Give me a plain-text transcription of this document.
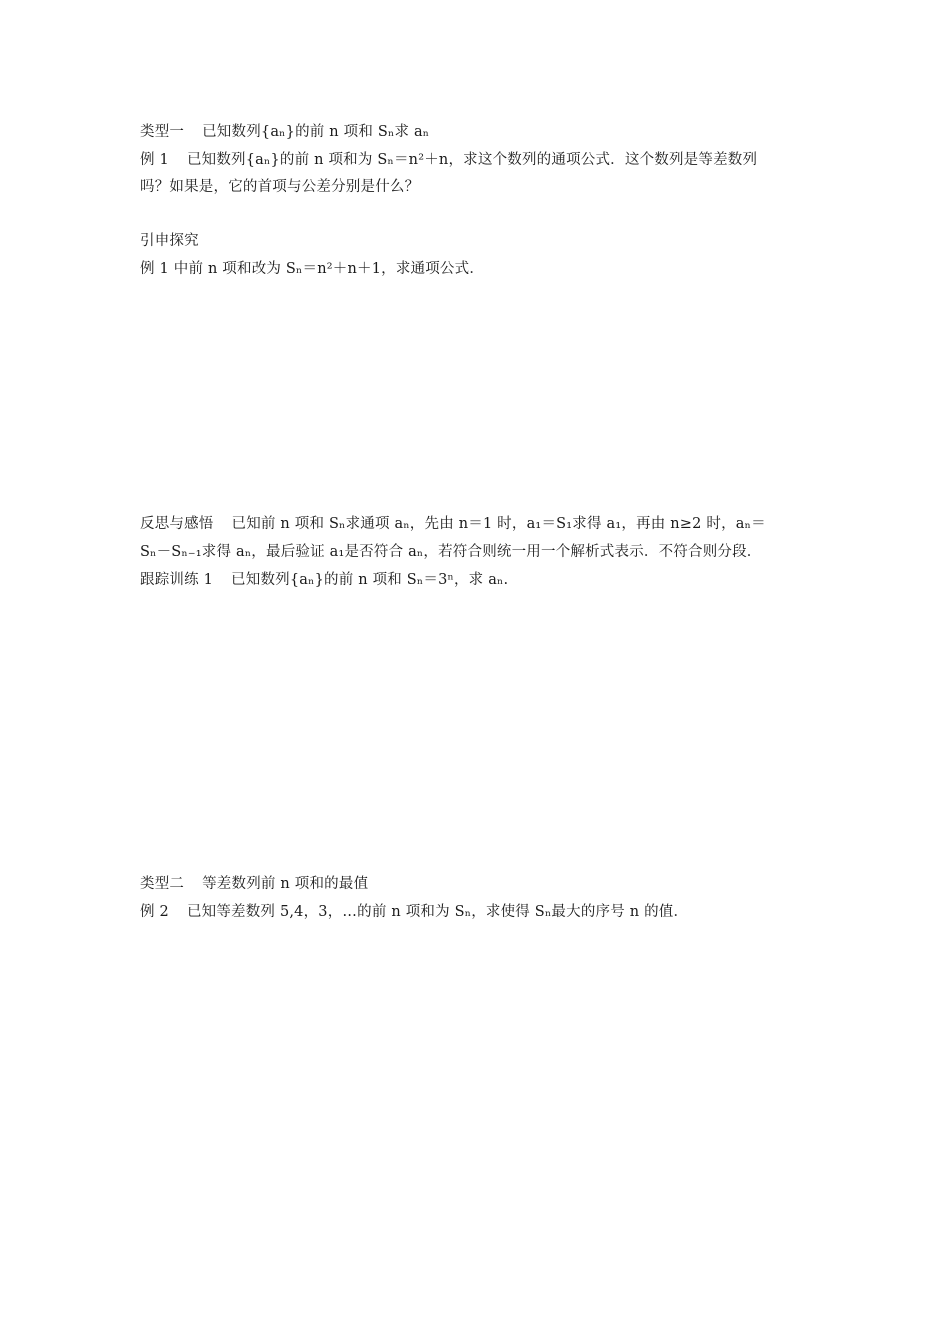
类型一 已知数列{aₙ}的前 n 项和 Sₙ求 aₙ
例 1 已知数列{aₙ}的前 n 项和为 Sₙ＝n²＋n，求这个数列的通项公式．这个数列是等差数列
吗？如果是，它的首项与公差分别是什么？
引申探究
例 1 中前 n 项和改为 Sₙ＝n²＋n＋1，求通项公式．
反思与感悟 已知前 n 项和 Sₙ求通项 aₙ，先由 n＝1 时，a₁＝S₁求得 a₁，再由 n≥2 时，aₙ＝
Sₙ－Sₙ₋₁求得 aₙ，最后验证 a₁是否符合 aₙ，若符合则统一用一个解析式表示．不符合则分段．
跟踪训练 1 已知数列{aₙ}的前 n 项和 Sₙ＝3ⁿ，求 aₙ.
类型二 等差数列前 n 项和的最值
例 2 已知等差数列 5,4，3，…的前 n 项和为 Sₙ，求使得 Sₙ最大的序号 n 的值．
